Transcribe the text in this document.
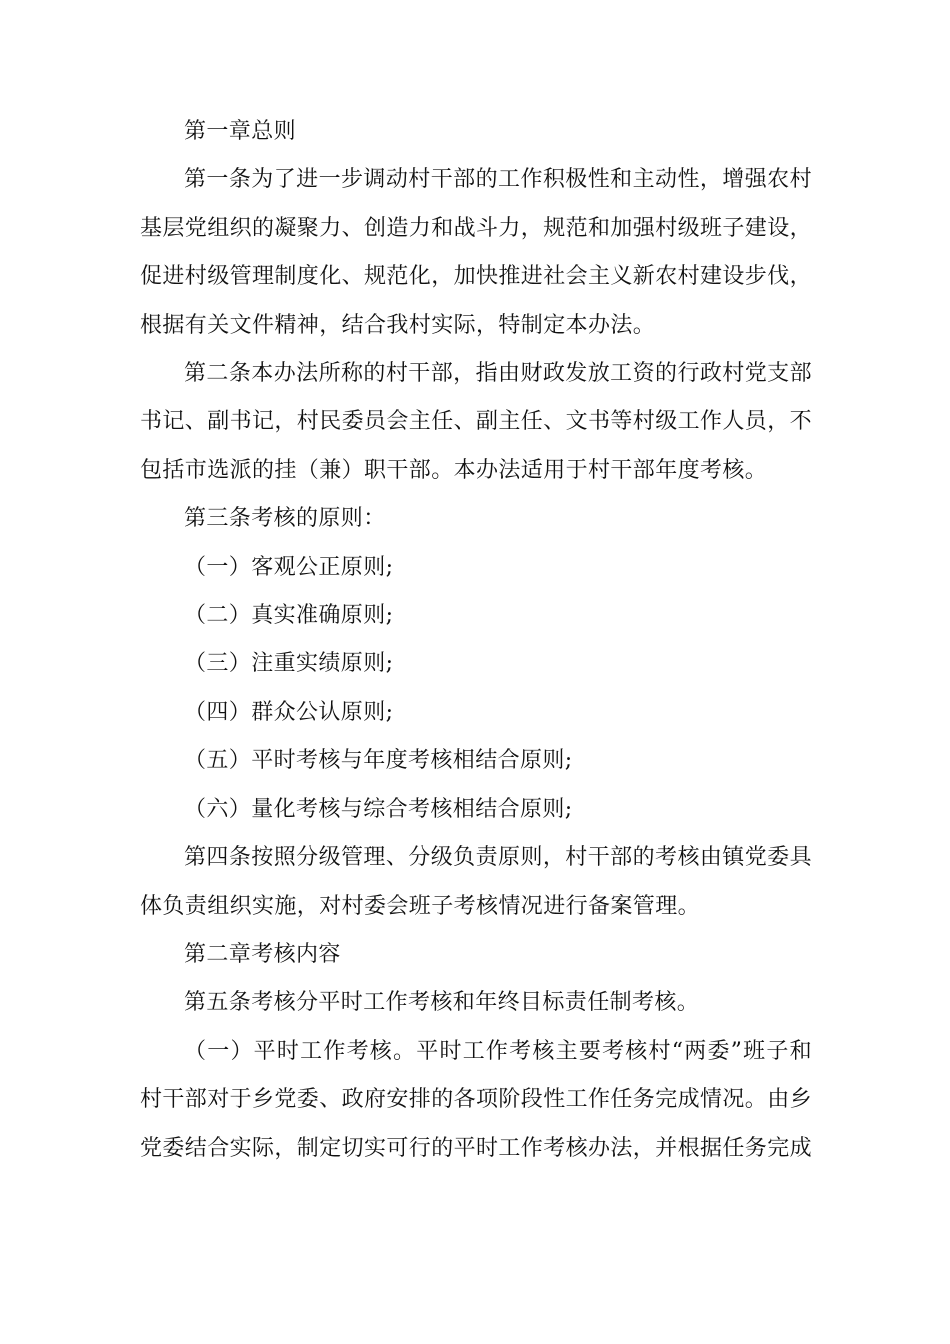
第一章总则

第一条为了进一步调动村干部的工作积极性和主动性，增强农村基层党组织的凝聚力、创造力和战斗力，规范和加强村级班子建设，促进村级管理制度化、规范化，加快推进社会主义新农村建设步伐，根据有关文件精神，结合我村实际，特制定本办法。

第二条本办法所称的村干部，指由财政发放工资的行政村党支部书记、副书记，村民委员会主任、副主任、文书等村级工作人员，不包括市选派的挂（兼）职干部。本办法适用于村干部年度考核。

第三条考核的原则：

（一）客观公正原则;

（二）真实准确原则;

（三）注重实绩原则;

（四）群众公认原则;

（五）平时考核与年度考核相结合原则;

（六）量化考核与综合考核相结合原则;

第四条按照分级管理、分级负责原则，村干部的考核由镇党委具体负责组织实施，对村委会班子考核情况进行备案管理。

第二章考核内容

第五条考核分平时工作考核和年终目标责任制考核。

（一）平时工作考核。平时工作考核主要考核村“两委”班子和村干部对于乡党委、政府安排的各项阶段性工作任务完成情况。由乡党委结合实际，制定切实可行的平时工作考核办法，并根据任务完成
